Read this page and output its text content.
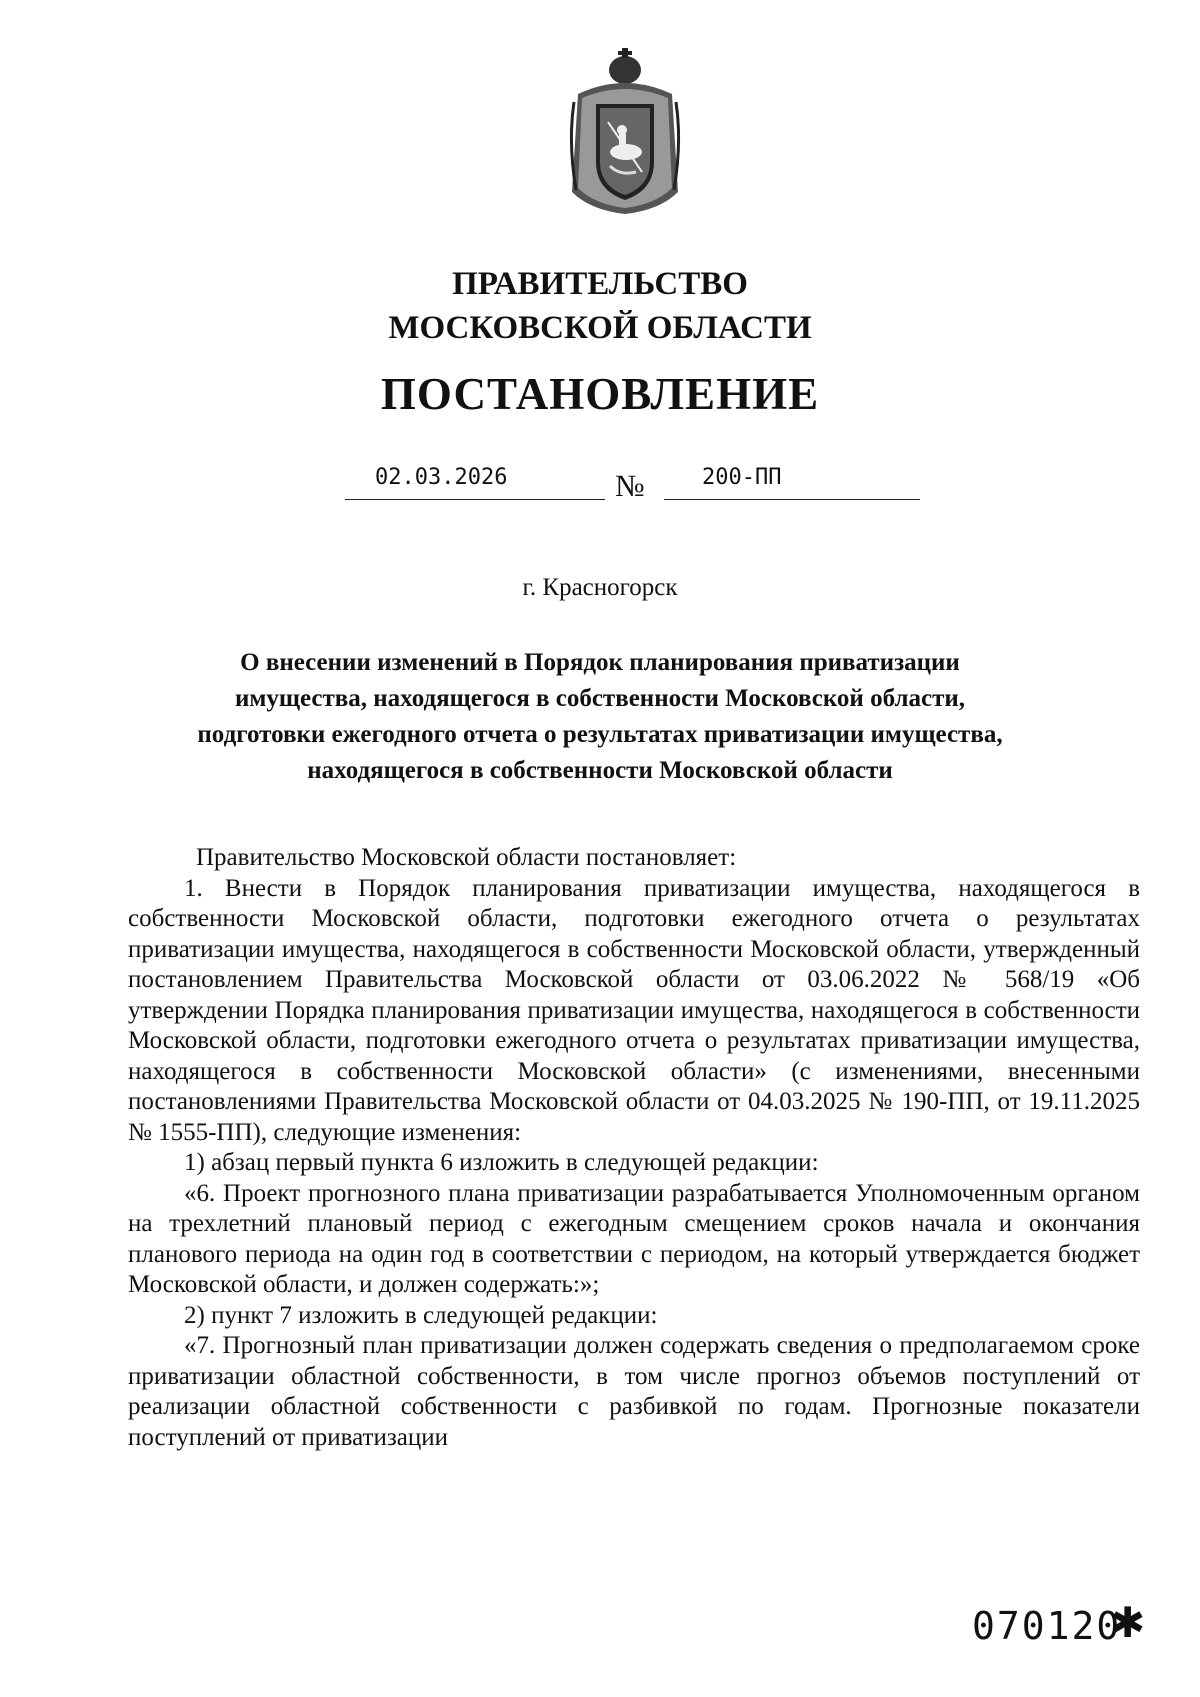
ПРАВИТЕЛЬСТВО
МОСКОВСКОЙ ОБЛАСТИ
ПОСТАНОВЛЕНИЕ
02.03.2026	№	200-ПП
г. Красногорск
О внесении изменений в Порядок планирования приватизации
имущества, находящегося в собственности Московской области,
подготовки ежегодного отчета о результатах приватизации имущества,
находящегося в собственности Московской области

Правительство Московской области постановляет:

1. Внести в Порядок планирования приватизации имущества, находящегося в собственности Московской области, подготовки ежегодного отчета о результатах приватизации имущества, находящегося в собственности Московской области, утвержденный постановлением Правительства Московской области от 03.06.2022 № 568/19 «Об утверждении Порядка планирования приватизации имущества, находящегося в собственности Московской области, подготовки ежегодного отчета о результатах приватизации имущества, находящегося в собственности Московской области» (с изменениями, внесенными постановлениями Правительства Московской области от 04.03.2025 № 190-ПП, от 19.11.2025 № 1555-ПП), следующие изменения:

1) абзац первый пункта 6 изложить в следующей редакции:

«6. Проект прогнозного плана приватизации разрабатывается Уполномоченным органом на трехлетний плановый период с ежегодным смещением сроков начала и окончания планового периода на один год в соответствии с периодом, на который утверждается бюджет Московской области, и должен содержать:»;

2) пункт 7 изложить в следующей редакции:

«7. Прогнозный план приватизации должен содержать сведения о предполагаемом сроке приватизации областной собственности, в том числе прогноз объемов поступлений от реализации областной собственности с разбивкой по годам. Прогнозные показатели поступлений от приватизации

070120
✱
